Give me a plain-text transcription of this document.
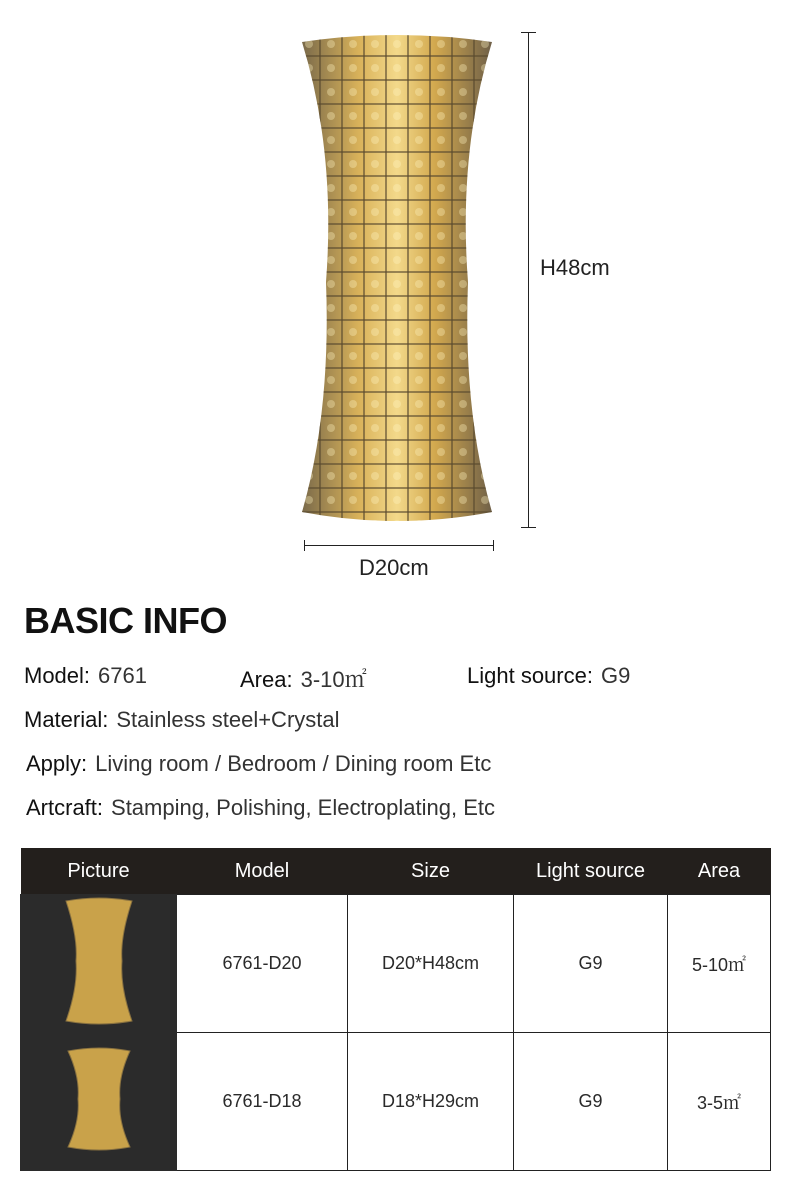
H48cm
D20cm
BASIC INFO
Model: 6761	Area: 3-10㎡	Light source: G9
Material: Stainless steel+Crystal
Apply: Living room / Bedroom / Dining room Etc
Artcraft: Stamping, Polishing, Electroplating, Etc
Picture	Model	Size	Light source	Area
	6761-D20	D20*H48cm	G9	5-10㎡
	6761-D18	D18*H29cm	G9	3-5㎡
